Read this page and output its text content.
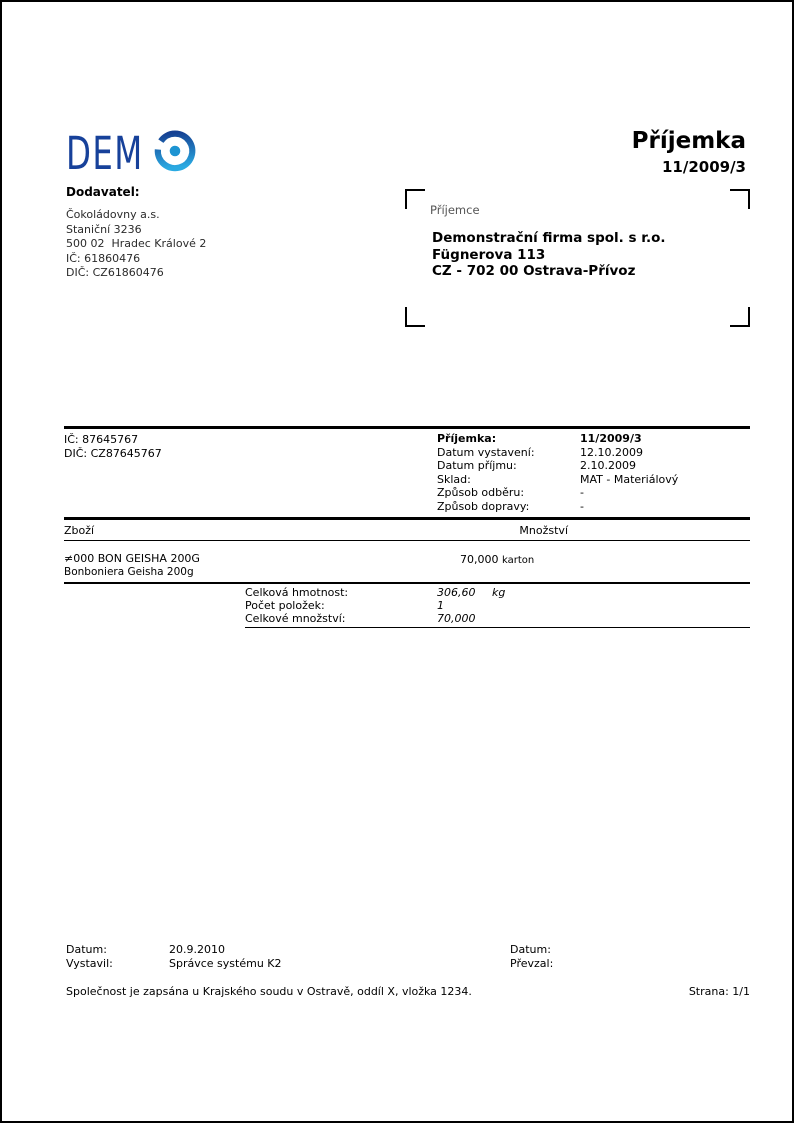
DEM	Příjemka
11/2009/3
Dodavatel:
Čokoládovny a.s.
Staniční 3236
500 02  Hradec Králové 2
IČ: 61860476
DIČ: CZ61860476
Příjemce
Demonstrační firma spol. s r.o.
Fügnerova 113
CZ - 702 00 Ostrava-Přívoz
IČ: 87645767
DIČ: CZ87645767
Příjemka:	11/2009/3
Datum vystavení:	12.10.2009
Datum příjmu:	2.10.2009
Sklad:	MAT - Materiálový
Způsob odběru:	-
Způsob dopravy:	-
Zboží	Množství
≠000 BON GEISHA 200G
Bonboniera Geisha 200g
70,000 karton
Celková hmotnost:	306,60	kg
Počet položek:	1
Celkové množství:	70,000
Datum:	20.9.2010
Vystavil:	Správce systému K2
Datum:
Převzal:
Společnost je zapsána u Krajského soudu v Ostravě, oddíl X, vložka 1234.	Strana: 1/1
